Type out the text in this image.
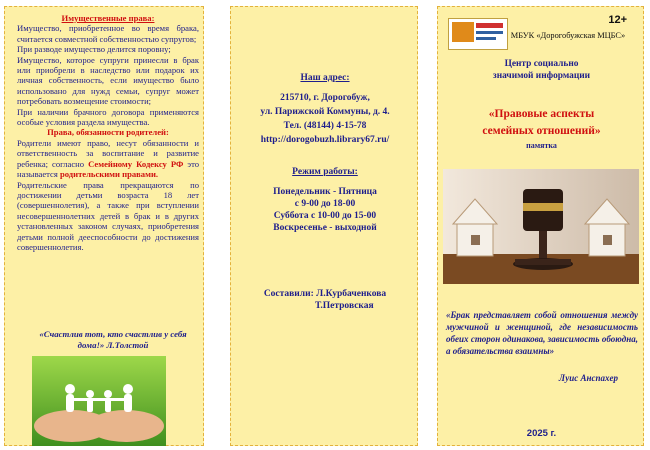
Имущественные права:
Имущество, приобретенное во время брака, считается совместной собственностью супругов;
При разводе имущество делится поровну;
Имущество, которое супруги принесли в брак или приобрели в наследство или подарок их личная собственность, если имущество было использовано для нужд семьи, супруг может потребовать возмещение стоимости;
При наличии брачного договора применяются особые условия раздела имущества.
Права, обязанности родителей:
Родители имеют право, несут обязанности и ответственность за воспитание и развитие ребенка; согласно Семейному Кодексу РФ это называется родительскими правами.
Родительские права прекращаются по достижении детьми возраста 18 лет (совершеннолетия), а также при вступлении несовершеннолетних детей в брак и в других установленных законом случаях, приобретения детьми полной дееспособности до достижения совершеннолетия.
«Счастлив тот, кто счастлив у себя дома!» Л.Толстой
Наш адрес:
215710, г. Дорогобуж,
ул. Парижской Коммуны, д. 4.
Тел. (48144) 4-15-78
http://dorogobuzh.library67.ru/
Режим работы:
Понедельник - Пятница
с 9-00 до 18-00
Суббота с 10-00 до 15-00
Воскресенье - выходной
Составили: Л.Курбаченкова
Т.Петровская
12+
МБУК «Дорогобужская МЦБС»
Центр социально
значимой информации
«Правовые аспекты
семейных отношений»
памятка
«Брак представляет собой отношения между мужчиной и женщиной, где независимость обеих сторон одинакова, зависимость обоюдна, а обязательства взаимны»
Луис Анспахер
2025 г.
